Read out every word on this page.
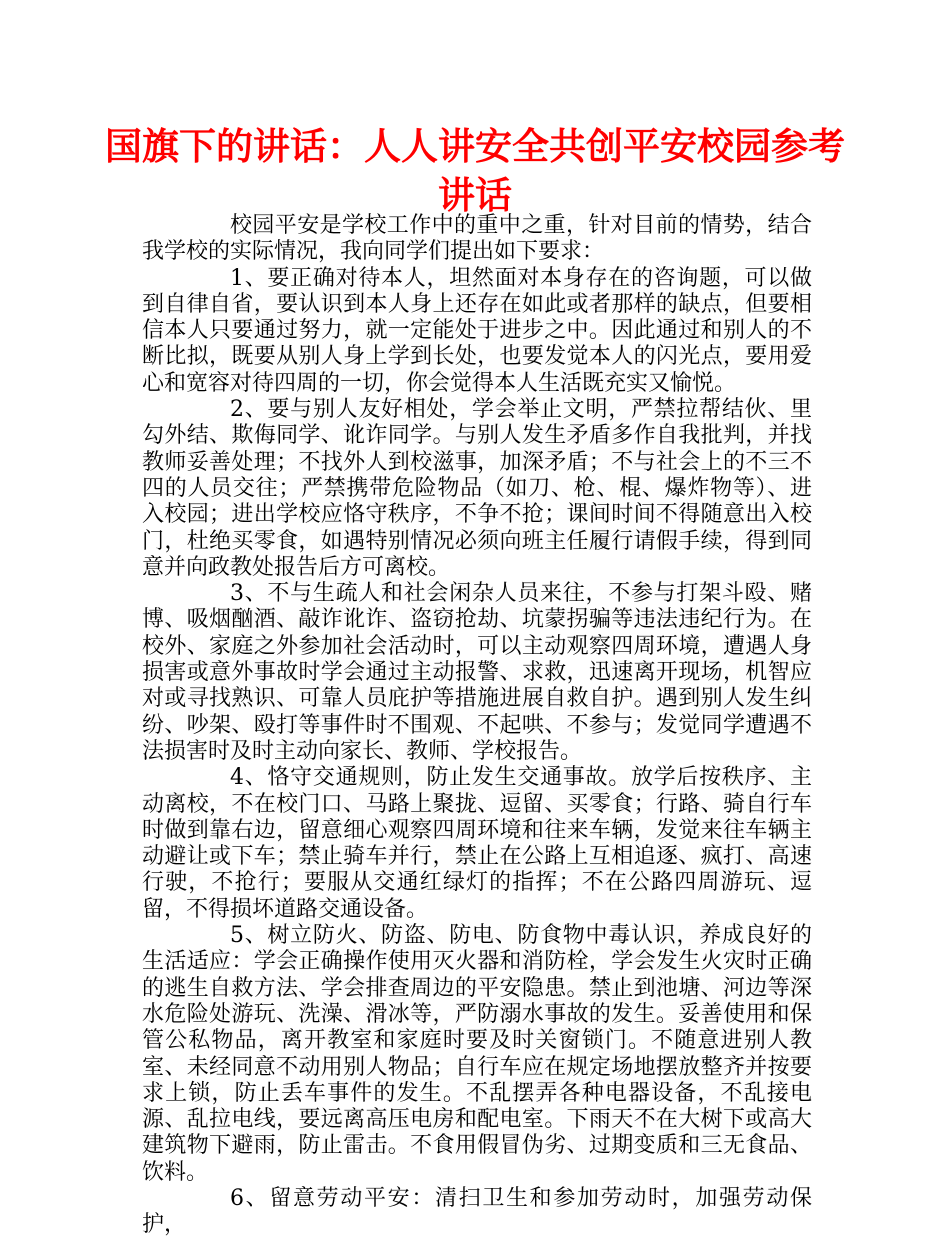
国旗下的讲话：人人讲安全共创平安校园参考讲话

校园平安是学校工作中的重中之重，针对目前的情势，结合我学校的实际情况，我向同学们提出如下要求：

1、要正确对待本人，坦然面对本身存在的咨询题，可以做到自律自省，要认识到本人身上还存在如此或者那样的缺点，但要相信本人只要通过努力，就一定能处于进步之中。因此通过和别人的不断比拟，既要从别人身上学到长处，也要发觉本人的闪光点，要用爱心和宽容对待四周的一切，你会觉得本人生活既充实又愉悦。

2、要与别人友好相处，学会举止文明，严禁拉帮结伙、里勾外结、欺侮同学、讹诈同学。与别人发生矛盾多作自我批判，并找教师妥善处理；不找外人到校滋事，加深矛盾；不与社会上的不三不四的人员交往；严禁携带危险物品（如刀、枪、棍、爆炸物等）、进入校园；进出学校应恪守秩序，不争不抢；课间时间不得随意出入校门，杜绝买零食，如遇特别情况必须向班主任履行请假手续，得到同意并向政教处报告后方可离校。

3、不与生疏人和社会闲杂人员来往，不参与打架斗殴、赌博、吸烟酗酒、敲诈讹诈、盗窃抢劫、坑蒙拐骗等违法违纪行为。在校外、家庭之外参加社会活动时，可以主动观察四周环境，遭遇人身损害或意外事故时学会通过主动报警、求救，迅速离开现场，机智应对或寻找熟识、可靠人员庇护等措施进展自救自护。遇到别人发生纠纷、吵架、殴打等事件时不围观、不起哄、不参与；发觉同学遭遇不法损害时及时主动向家长、教师、学校报告。

4、恪守交通规则，防止发生交通事故。放学后按秩序、主动离校，不在校门口、马路上聚拢、逗留、买零食；行路、骑自行车时做到靠右边，留意细心观察四周环境和往来车辆，发觉来往车辆主动避让或下车；禁止骑车并行，禁止在公路上互相追逐、疯打、高速行驶，不抢行；要服从交通红绿灯的指挥；不在公路四周游玩、逗留，不得损坏道路交通设备。

5、树立防火、防盗、防电、防食物中毒认识，养成良好的生活适应：学会正确操作使用灭火器和消防栓，学会发生火灾时正确的逃生自救方法、学会排查周边的平安隐患。禁止到池塘、河边等深水危险处游玩、洗澡、滑冰等，严防溺水事故的发生。妥善使用和保管公私物品，离开教室和家庭时要及时关窗锁门。不随意进别人教室、未经同意不动用别人物品；自行车应在规定场地摆放整齐并按要求上锁，防止丢车事件的发生。不乱摆弄各种电器设备，不乱接电源、乱拉电线，要远离高压电房和配电室。下雨天不在大树下或高大建筑物下避雨，防止雷击。不食用假冒伪劣、过期变质和三无食品、饮料。

6、留意劳动平安：清扫卫生和参加劳动时，加强劳动保护，
